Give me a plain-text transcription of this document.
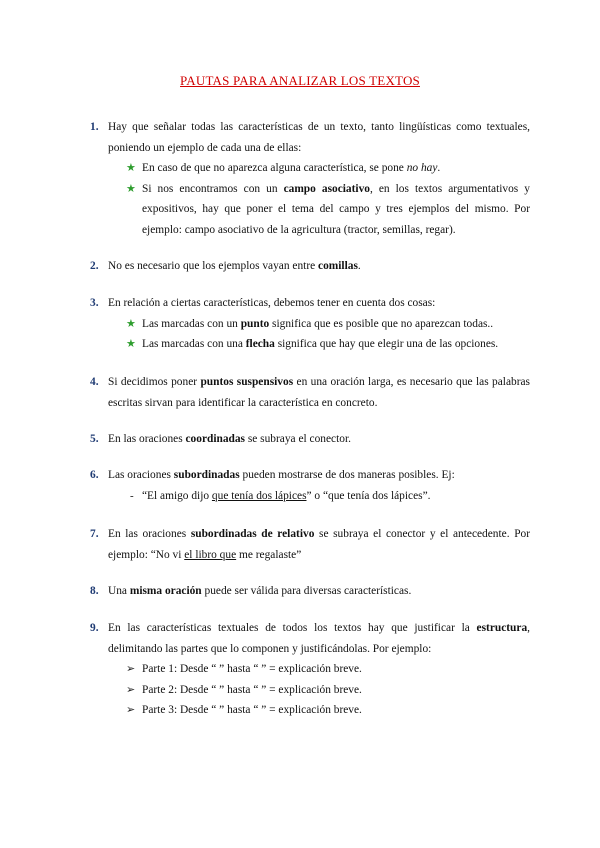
PAUTAS PARA ANALIZAR LOS TEXTOS
1. Hay que señalar todas las características de un texto, tanto lingüísticas como textuales, poniendo un ejemplo de cada una de ellas:
★ En caso de que no aparezca alguna característica, se pone no hay.
★ Si nos encontramos con un campo asociativo, en los textos argumentativos y expositivos, hay que poner el tema del campo y tres ejemplos del mismo. Por ejemplo: campo asociativo de la agricultura (tractor, semillas, regar).
2. No es necesario que los ejemplos vayan entre comillas.
3. En relación a ciertas características, debemos tener en cuenta dos cosas:
★ Las marcadas con un punto significa que es posible que no aparezcan todas..
★ Las marcadas con una flecha significa que hay que elegir una de las opciones.
4. Si decidimos poner puntos suspensivos en una oración larga, es necesario que las palabras escritas sirvan para identificar la característica en concreto.
5. En las oraciones coordinadas se subraya el conector.
6. Las oraciones subordinadas pueden mostrarse de dos maneras posibles. Ej:
- “El amigo dijo que tenía dos lápices” o “que tenía dos lápices”.
7. En las oraciones subordinadas de relativo se subraya el conector y el antecedente. Por ejemplo: “No vi el libro que me regalaste”
8. Una misma oración puede ser válida para diversas características.
9. En las características textuales de todos los textos hay que justificar la estructura, delimitando las partes que lo componen y justificándolas. Por ejemplo:
➢ Parte 1: Desde “ ” hasta “ ” = explicación breve.
➢ Parte 2: Desde “ ” hasta “ ” = explicación breve.
➢ Parte 3: Desde “ ” hasta “ ” = explicación breve.
